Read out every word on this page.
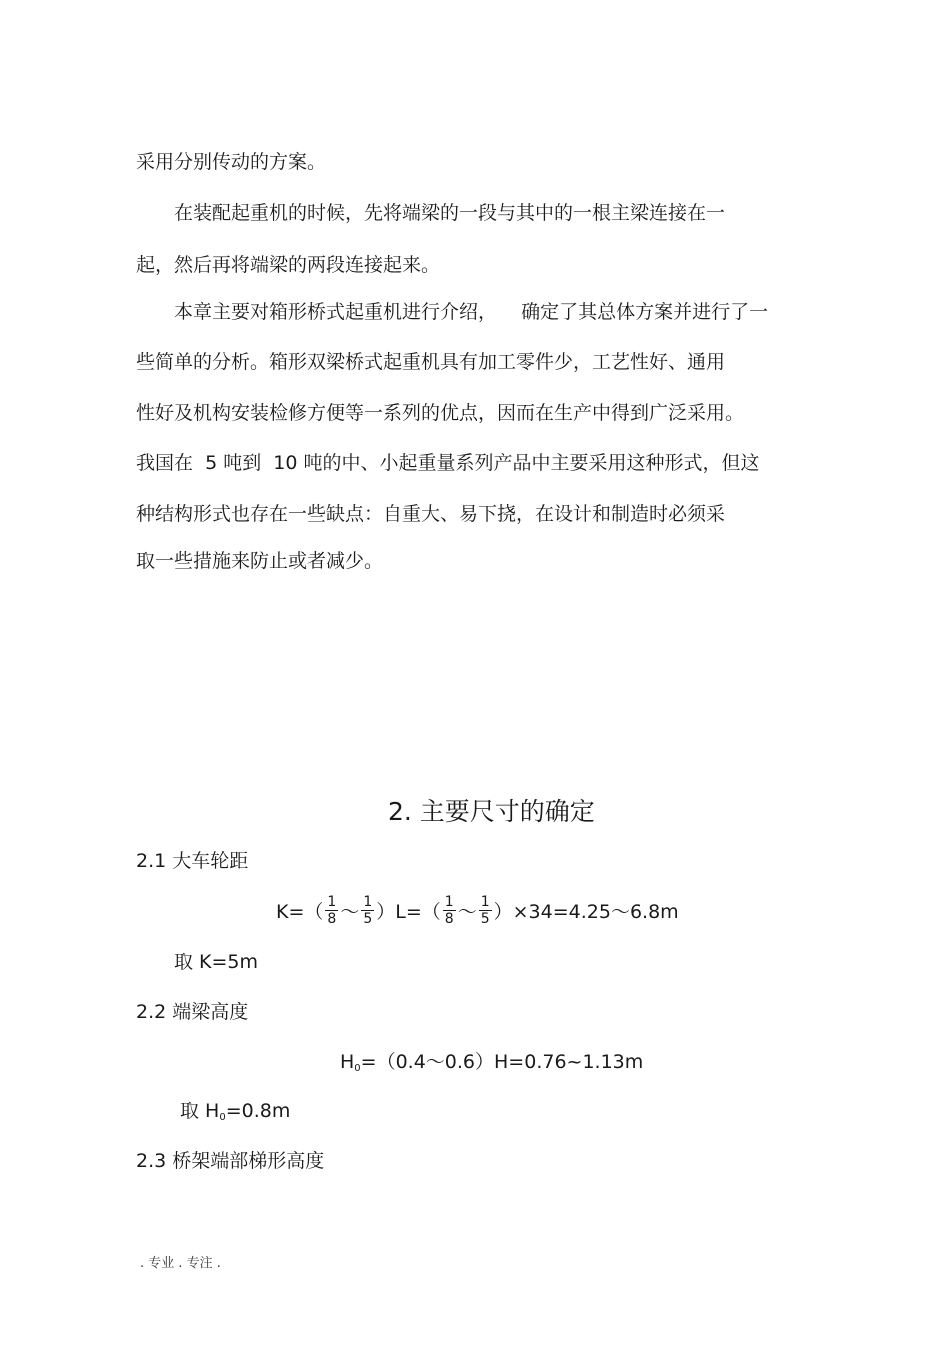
采用分别传动的方案。
在装配起重机的时候，先将端梁的一段与其中的一根主梁连接在一
起，然后再将端梁的两段连接起来。
本章主要对箱形桥式起重机进行介绍，    确定了其总体方案并进行了一
些简单的分析。箱形双梁桥式起重机具有加工零件少，工艺性好、通用
性好及机构安装检修方便等一系列的优点，因而在生产中得到广泛采用。
我国在  5 吨到  10 吨的中、小起重量系列产品中主要采用这种形式，但这
种结构形式也存在一些缺点：自重大、易下挠，在设计和制造时必须采
取一些措施来防止或者减少。
2. 主要尺寸的确定
2.1 大车轮距
$K=( \frac{1}{8}$ ～ $\frac{1}{5} )L=( \frac{1}{8}$ ～ $\frac{1}{5}$ ）×34=4.25～6.8m
取 K=5m
2.2 端梁高度
$H_0=(0.4\sim 0.6)H=0.76\sim 1.13m$
取 $H_0=0.8m$
2.3 桥架端部梯形高度
. 专业 . 专注 .
